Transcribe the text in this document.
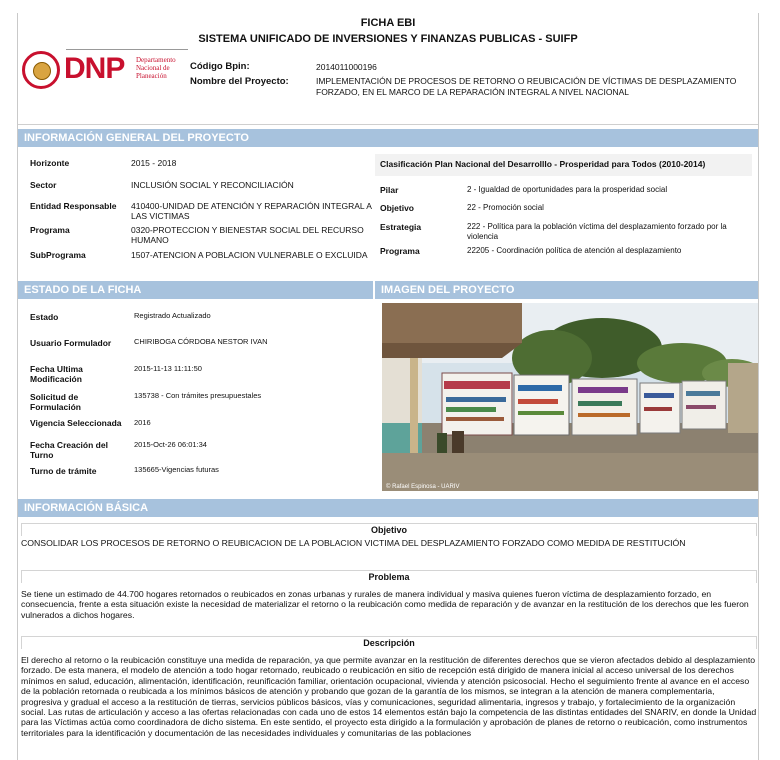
FICHA EBI
SISTEMA UNIFICADO DE INVERSIONES Y FINANZAS PUBLICAS - SUIFP
DNP Departamento Nacional de Planeación
Código Bpin:	2014011000196
Nombre del Proyecto:	IMPLEMENTACIÓN DE PROCESOS DE RETORNO O REUBICACIÓN DE VÍCTIMAS DE DESPLAZAMIENTO FORZADO, EN EL MARCO DE LA REPARACIÓN INTEGRAL A NIVEL NACIONAL
INFORMACIÓN GENERAL DEL PROYECTO
Horizonte	2015 - 2018
Sector	INCLUSIÓN SOCIAL Y RECONCILIACIÓN
Entidad Responsable 410400-UNIDAD DE ATENCIÓN Y REPARACIÓN INTEGRAL A LAS VICTIMAS
Programa	0320-PROTECCION Y BIENESTAR SOCIAL DEL RECURSO HUMANO
SubPrograma	1507-ATENCION A POBLACION VULNERABLE O EXCLUIDA
Clasificación Plan Nacional del Desarrolllo - Prosperidad para Todos (2010-2014)
Pilar	2 - Igualdad de oportunidades para la prosperidad social
Objetivo	22 - Promoción social
Estrategia	222 - Política para la población víctima del desplazamiento forzado por la violencia
Programa	22205 - Coordinación política de atención al desplazamiento
ESTADO DE LA FICHA	IMAGEN DEL PROYECTO
Estado	Registrado Actualizado
Usuario Formulador	CHIRIBOGA CÓRDOBA NESTOR IVAN
Fecha Ultima Modificación
2015-11-13 11:11:50
Solicitud de Formulación
135738 - Con trámites presupuestales
Vigencia Seleccionada	2016
Fecha Creación del Turno
2015-Oct-26 06:01:34
Turno de trámite	135665-Vigencias futuras
© Rafael Espinosa - UARIV
INFORMACIÓN BÁSICA
Objetivo
CONSOLIDAR LOS PROCESOS DE RETORNO O REUBICACION DE LA POBLACION VICTIMA DEL DESPLAZAMIENTO FORZADO COMO MEDIDA DE RESTITUCIÓN
Problema
Se tiene un estimado de 44.700 hogares retornados o reubicados en zonas urbanas y rurales de manera individual y masiva quienes fueron víctima de desplazamiento forzado, en consecuencia, frente a esta situación existe la necesidad de materializar el retorno o la reubicación como medida de reparación y de avanzar en la restitución de los derechos que les fueron vulnerados a dichos hogares.
Descripción
El derecho al retorno o la reubicación constituye una medida de reparación, ya que permite avanzar en la restitución de diferentes derechos que se vieron afectados debido al desplazamiento forzado. De esta manera, el modelo de atención a todo hogar retornado, reubicado o reubicación en sitio de recepción está dirigido de manera inicial al acceso universal de los derechos mínimos en salud, educación, alimentación, identificación, reunificación familiar, orientación ocupacional, vivienda y atención psicosocial. Hecho el seguimiento frente al avance en el acceso de la población retornada o reubicada a los mínimos básicos de atención y probando que gozan de la garantía de los mismos, se integran a la atención de manera complementaria, progresiva y gradual el acceso a la restitución de tierras, servicios públicos básicos, vías y comunicaciones, seguridad alimentaria, ingresos y trabajo, y fortalecimiento de la organización social. Las rutas de articulación y acceso a las ofertas relacionadas con cada uno de estos 14 elementos están bajo la competencia de las distintas entidades del SNARIV, en donde la Unidad para las Víctimas actúa como coordinadora de dicho sistema. En este sentido, el proyecto esta dirigido a la formulación y aprobación de planes de retorno o reubicación, como instrumentos territoriales para la identificación y documentación de las necesidades individuales y comunitarias de las poblaciones
